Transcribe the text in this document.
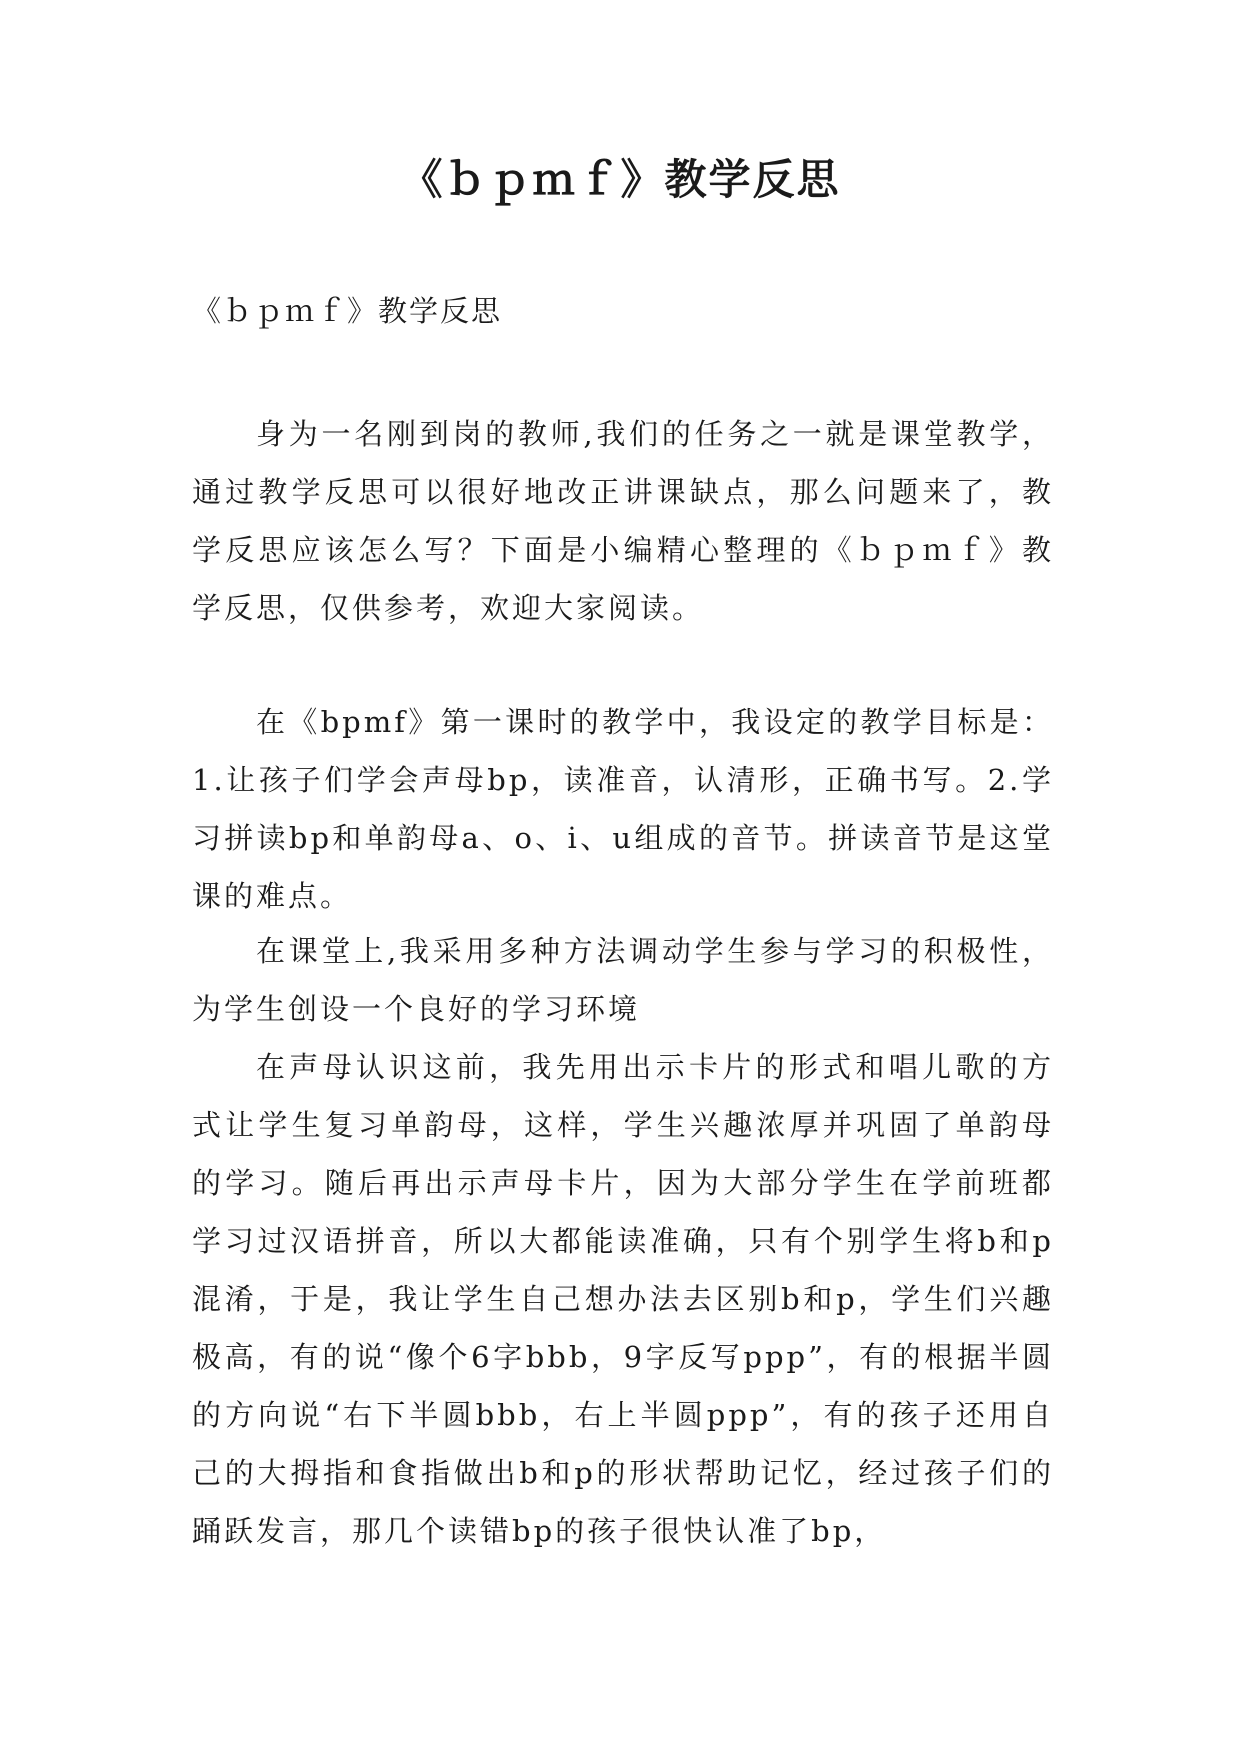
《ｂｐｍｆ》教学反思

《ｂｐｍｆ》教学反思

身为一名刚到岗的教师,我们的任务之一就是课堂教学，通过教学反思可以很好地改正讲课缺点，那么问题来了，教学反思应该怎么写？下面是小编精心整理的《ｂｐｍｆ》教学反思，仅供参考，欢迎大家阅读。

在《bpmf》第一课时的教学中，我设定的教学目标是：1.让孩子们学会声母bp，读准音，认清形，正确书写。2.学习拼读bp和单韵母a、o、i、u组成的音节。拼读音节是这堂课的难点。

在课堂上,我采用多种方法调动学生参与学习的积极性，为学生创设一个良好的学习环境

在声母认识这前，我先用出示卡片的形式和唱儿歌的方式让学生复习单韵母，这样，学生兴趣浓厚并巩固了单韵母的学习。随后再出示声母卡片，因为大部分学生在学前班都学习过汉语拼音，所以大都能读准确，只有个别学生将b和p混淆，于是，我让学生自己想办法去区别b和p，学生们兴趣极高，有的说“像个6字bbb，9字反写ppp”，有的根据半圆的方向说“右下半圆bbb，右上半圆ppp”，有的孩子还用自己的大拇指和食指做出b和p的形状帮助记忆，经过孩子们的踊跃发言，那几个读错bp的孩子很快认准了bp，
